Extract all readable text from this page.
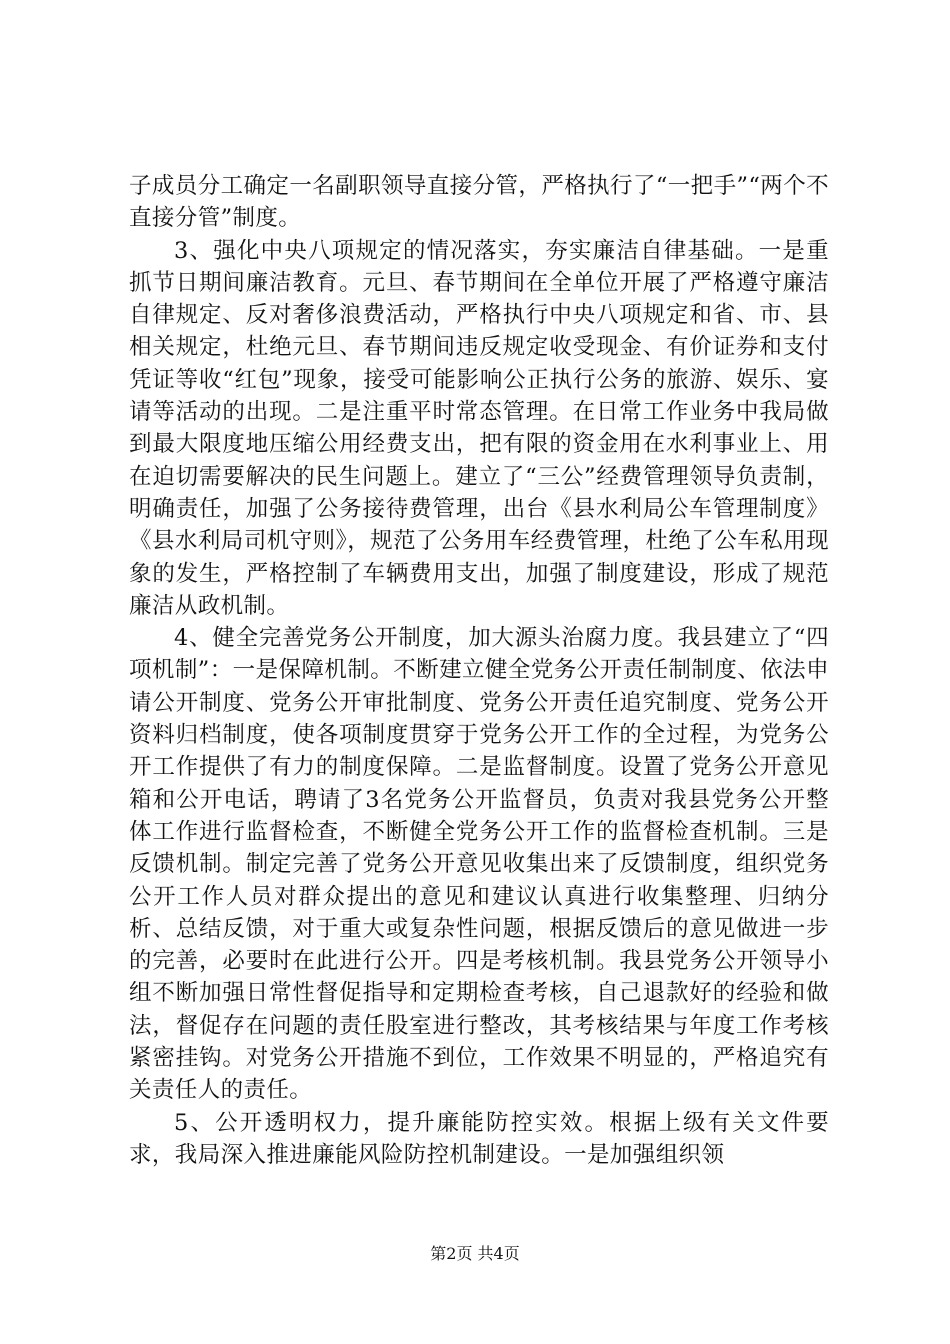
子成员分工确定一名副职领导直接分管，严格执行了“一把手”“两个不直接分管”制度。

3、强化中央八项规定的情况落实，夯实廉洁自律基础。一是重抓节日期间廉洁教育。元旦、春节期间在全单位开展了严格遵守廉洁自律规定、反对奢侈浪费活动，严格执行中央八项规定和省、市、县相关规定，杜绝元旦、春节期间违反规定收受现金、有价证券和支付凭证等收“红包”现象，接受可能影响公正执行公务的旅游、娱乐、宴请等活动的出现。二是注重平时常态管理。在日常工作业务中我局做到最大限度地压缩公用经费支出，把有限的资金用在水利事业上、用在迫切需要解决的民生问题上。建立了“三公”经费管理领导负责制，明确责任，加强了公务接待费管理，出台《县水利局公车管理制度》《县水利局司机守则》，规范了公务用车经费管理，杜绝了公车私用现象的发生，严格控制了车辆费用支出，加强了制度建设，形成了规范廉洁从政机制。

4、健全完善党务公开制度，加大源头治腐力度。我县建立了“四项机制”：一是保障机制。不断建立健全党务公开责任制制度、依法申请公开制度、党务公开审批制度、党务公开责任追究制度、党务公开资料归档制度，使各项制度贯穿于党务公开工作的全过程，为党务公开工作提供了有力的制度保障。二是监督制度。设置了党务公开意见箱和公开电话，聘请了3名党务公开监督员，负责对我县党务公开整体工作进行监督检查，不断健全党务公开工作的监督检查机制。三是反馈机制。制定完善了党务公开意见收集出来了反馈制度，组织党务公开工作人员对群众提出的意见和建议认真进行收集整理、归纳分析、总结反馈，对于重大或复杂性问题，根据反馈后的意见做进一步的完善，必要时在此进行公开。四是考核机制。我县党务公开领导小组不断加强日常性督促指导和定期检查考核，自己退款好的经验和做法，督促存在问题的责任股室进行整改，其考核结果与年度工作考核紧密挂钩。对党务公开措施不到位，工作效果不明显的，严格追究有关责任人的责任。

5、公开透明权力，提升廉能防控实效。根据上级有关文件要求，我局深入推进廉能风险防控机制建设。一是加强组织领

第2页 共4页
